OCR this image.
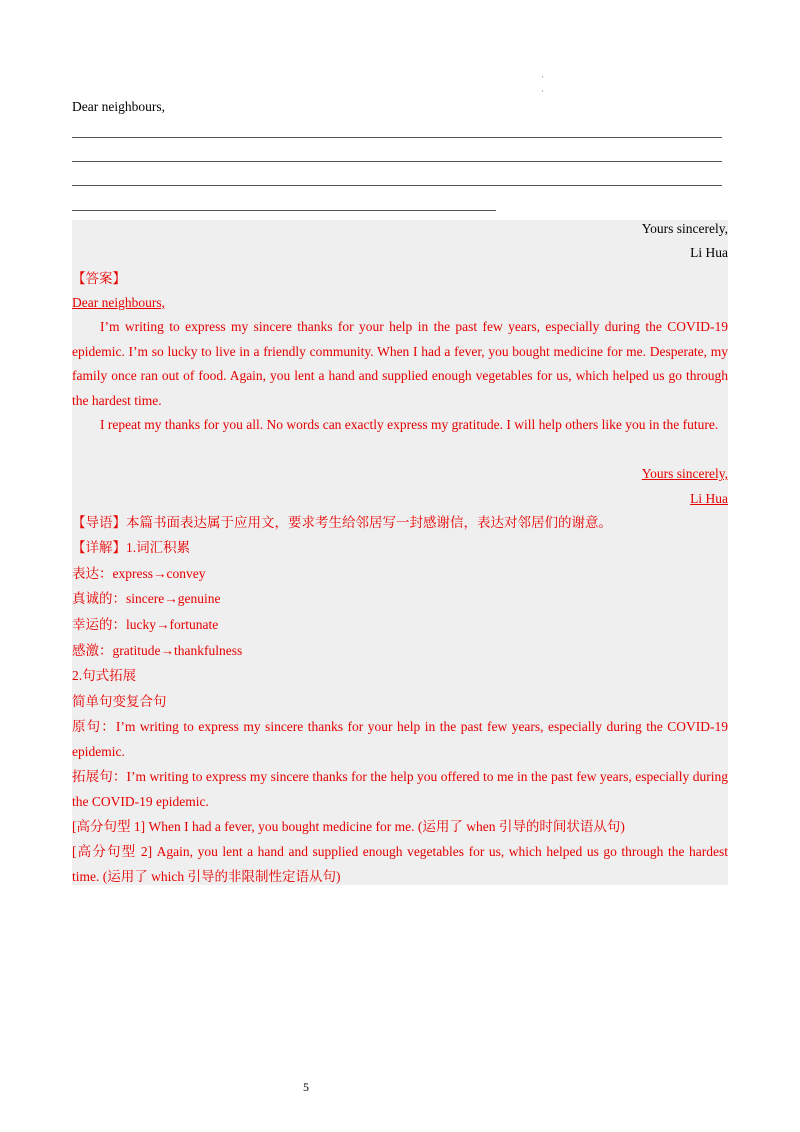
·
·
Dear neighbours,
Yours sincerely,
Li Hua
【答案】
Dear neighbours,
I’m writing to express my sincere thanks for your help in the past few years, especially during the COVID-19 epidemic. I’m so lucky to live in a friendly community. When I had a fever, you bought medicine for me. Desperate, my family once ran out of food. Again, you lent a hand and supplied enough vegetables for us, which helped us go through the hardest time.
I repeat my thanks for you all. No words can exactly express my gratitude. I will help others like you in the future.
Yours sincerely,
Li Hua
【导语】本篇书面表达属于应用文，要求考生给邻居写一封感谢信，表达对邻居们的谢意。
【详解】1.词汇积累
表达：express→convey
真诚的：sincere→genuine
幸运的：lucky→fortunate
感激：gratitude→thankfulness
2.句式拓展
简单句变复合句
原句：I’m writing to express my sincere thanks for your help in the past few years, especially during the COVID-19 epidemic.
拓展句：I’m writing to express my sincere thanks for the help you offered to me in the past few years, especially during the COVID-19 epidemic.
[高分句型 1] When I had a fever, you bought medicine for me. (运用了 when 引导的时间状语从句)
[高分句型 2] Again, you lent a hand and supplied enough vegetables for us, which helped us go through the hardest time. (运用了 which 引导的非限制性定语从句)
5
